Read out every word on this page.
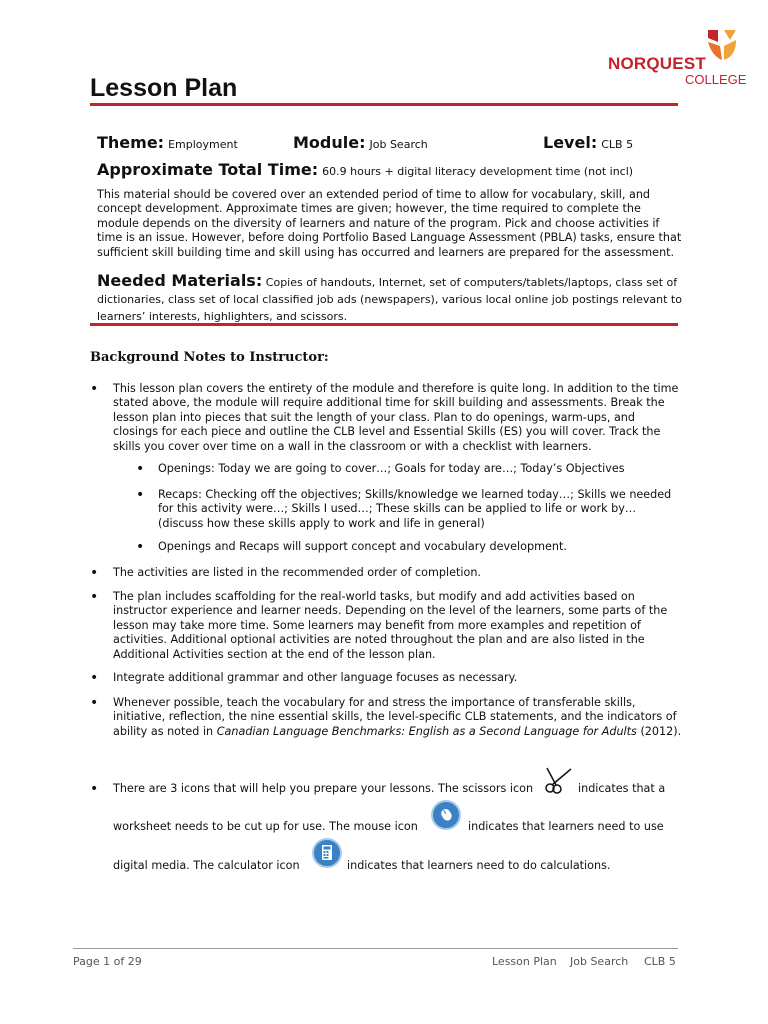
NORQUEST
COLLEGE
Lesson Plan
Theme: Employment	Module: Job Search	Level: CLB 5
Approximate Total Time: 60.9 hours + digital literacy development time (not incl)
This material should be covered over an extended period of time to allow for vocabulary, skill, and concept development. Approximate times are given; however, the time required to complete the module depends on the diversity of learners and nature of the program. Pick and choose activities if time is an issue. However, before doing Portfolio Based Language Assessment (PBLA) tasks, ensure that sufficient skill building time and skill using has occurred and learners are prepared for the assessment.
Needed Materials: Copies of handouts, Internet, set of computers/tablets/laptops, class set of dictionaries, class set of local classified job ads (newspapers), various local online job postings relevant to learners’ interests, highlighters, and scissors.
Background Notes to Instructor:
• This lesson plan covers the entirety of the module and therefore is quite long. In addition to the time stated above, the module will require additional time for skill building and assessments. Break the lesson plan into pieces that suit the length of your class. Plan to do openings, warm-ups, and closings for each piece and outline the CLB level and Essential Skills (ES) you will cover. Track the skills you cover over time on a wall in the classroom or with a checklist with learners.
• Openings: Today we are going to cover…; Goals for today are…; Today’s Objectives
• Recaps: Checking off the objectives; Skills/knowledge we learned today…; Skills we needed for this activity were…; Skills I used…; These skills can be applied to life or work by…(discuss how these skills apply to work and life in general)
• Openings and Recaps will support concept and vocabulary development.
• The activities are listed in the recommended order of completion.
• The plan includes scaffolding for the real-world tasks, but modify and add activities based on instructor experience and learner needs. Depending on the level of the learners, some parts of the lesson may take more time. Some learners may benefit from more examples and repetition of activities. Additional optional activities are noted throughout the plan and are also listed in the Additional Activities section at the end of the lesson plan.
• Integrate additional grammar and other language focuses as necessary.
• Whenever possible, teach the vocabulary for and stress the importance of transferable skills, initiative, reflection, the nine essential skills, the level-specific CLB statements, and the indicators of ability as noted in Canadian Language Benchmarks: English as a Second Language for Adults (2012).
• There are 3 icons that will help you prepare your lessons. The scissors icon	indicates that a
worksheet needs to be cut up for use. The mouse icon	indicates that learners need to use
digital media. The calculator icon	indicates that learners need to do calculations.
Page 1 of 29	Lesson Plan Job Search CLB 5
